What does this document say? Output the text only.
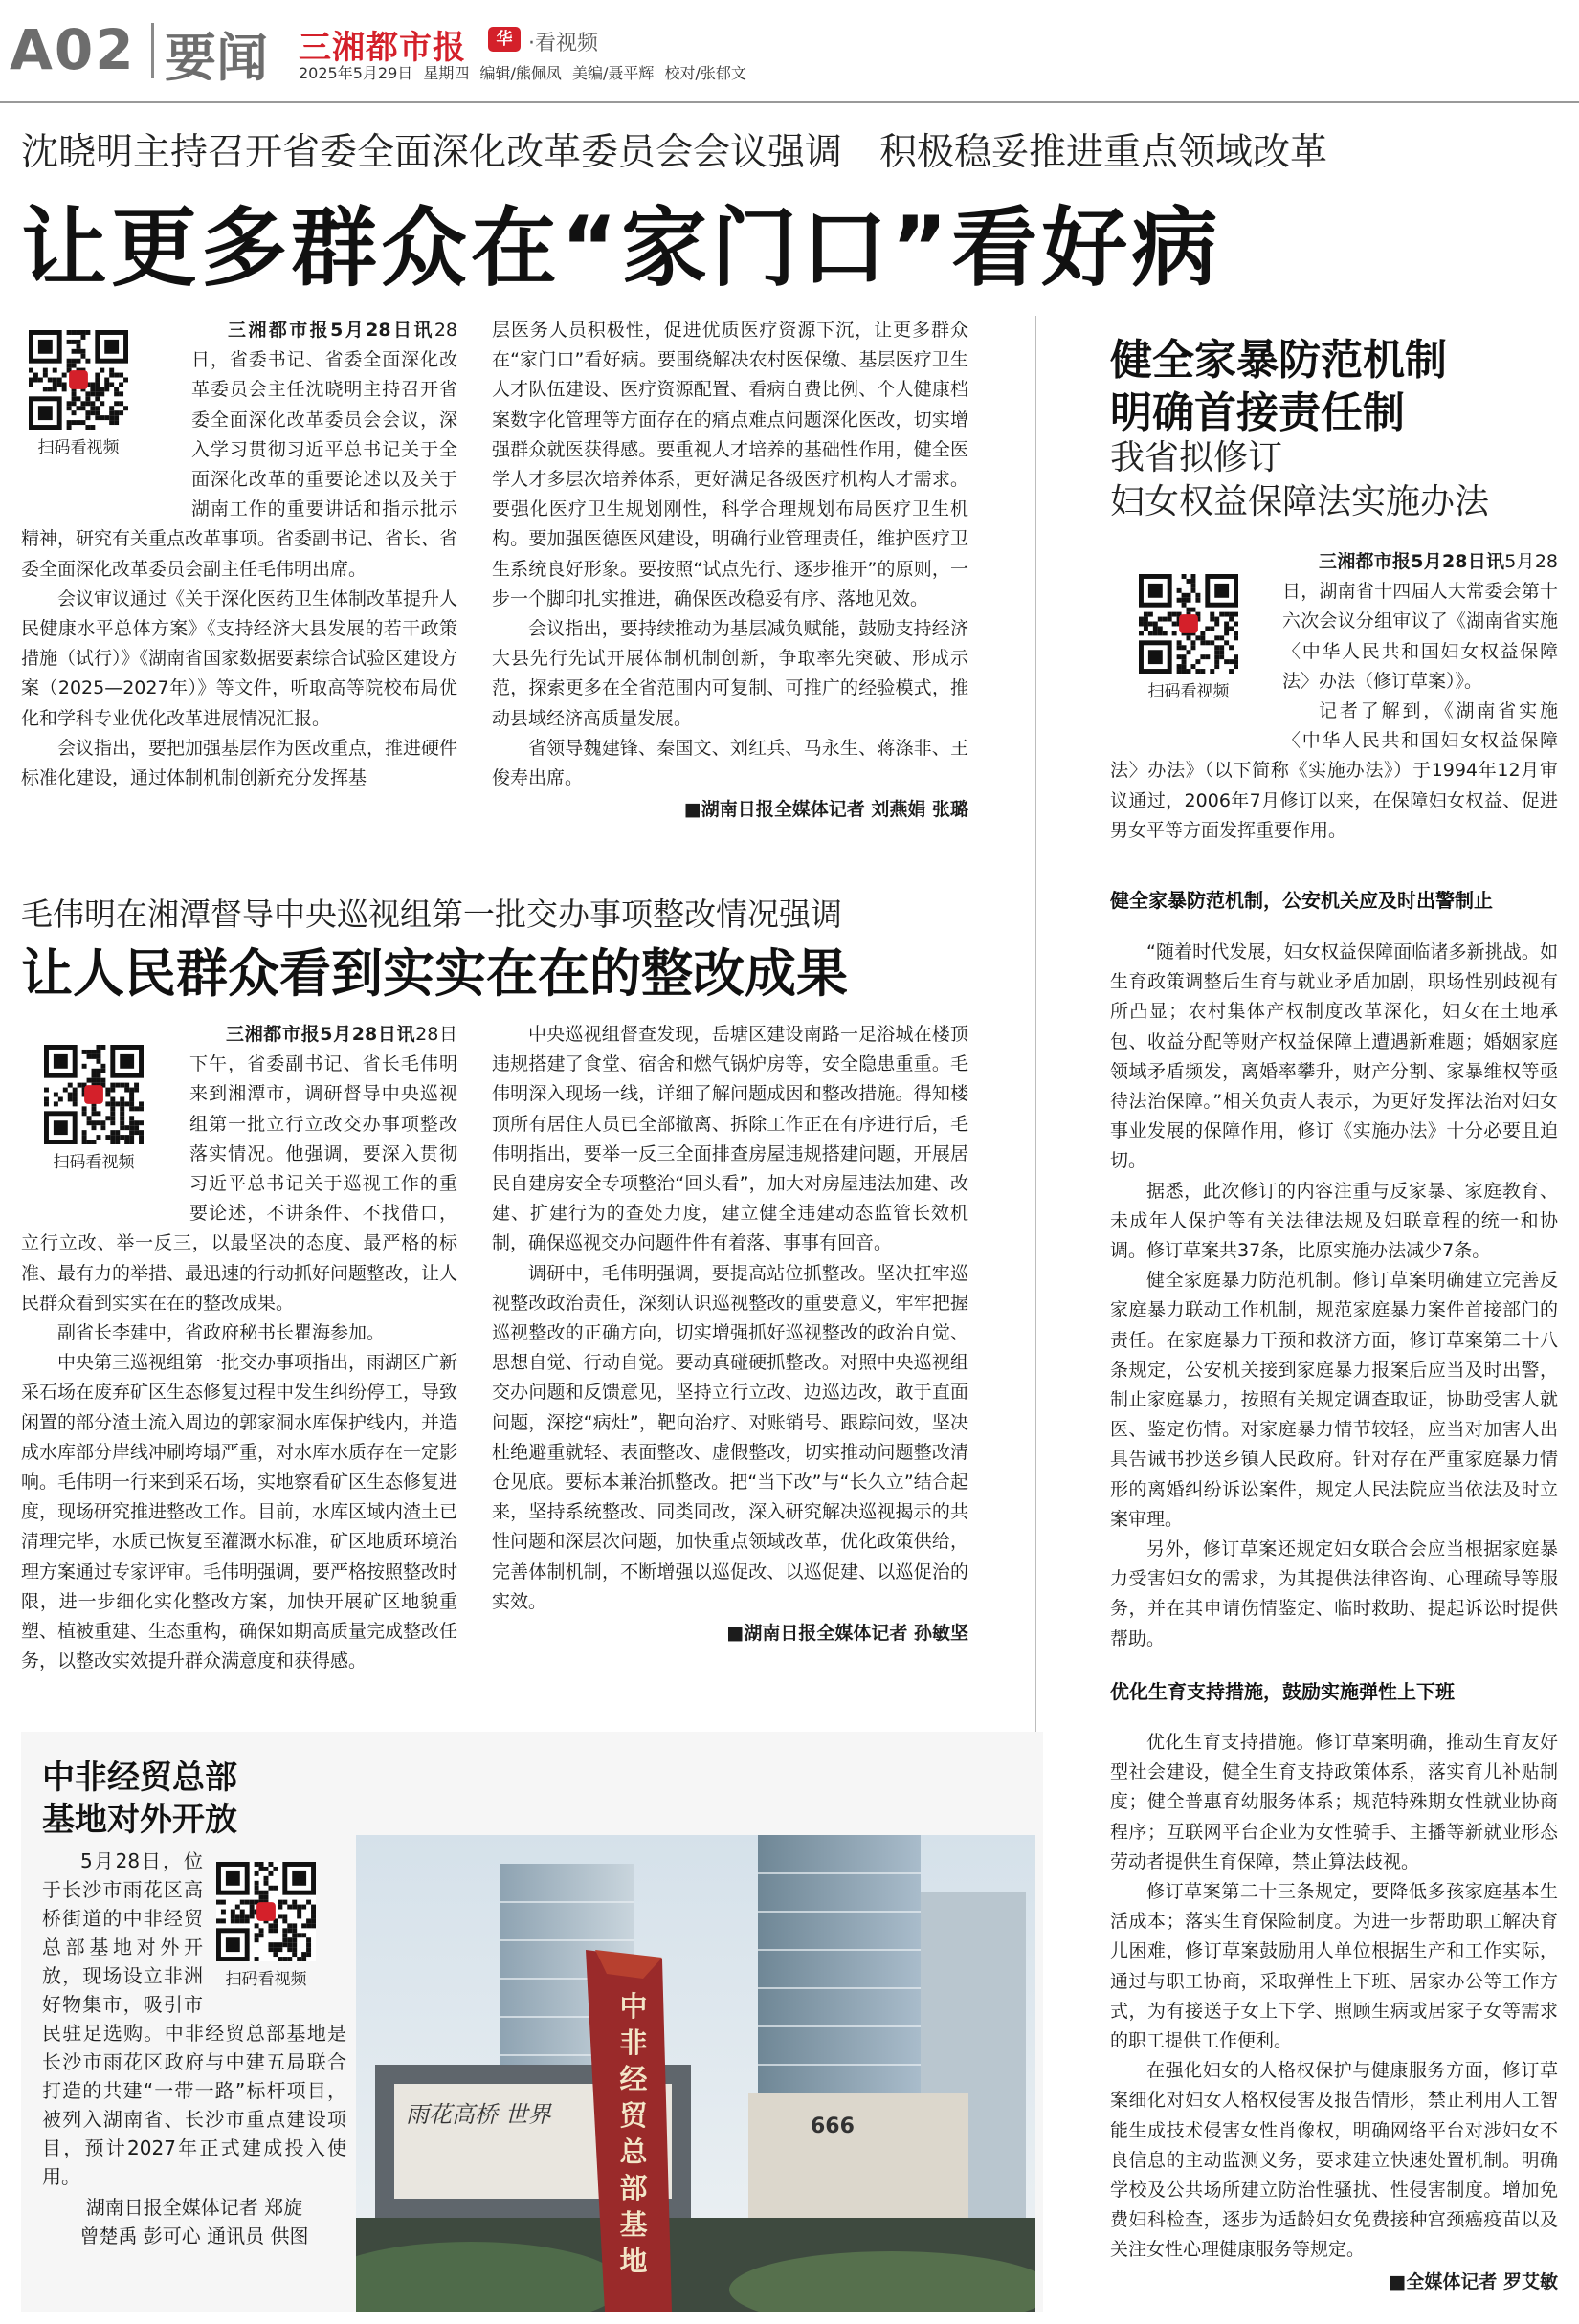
A02 要闻 三湘都市报	华 ·看视频
2025年5月29日 星期四 编辑/熊佩凤 美编/聂平辉 校对/张郁文
沈晓明主持召开省委全面深化改革委员会会议强调　积极稳妥推进重点领域改革
让更多群众在“家门口”看好病
扫码看视频

三湘都市报5月28日讯28日，省委书记、省委全面深化改革委员会主任沈晓明主持召开省委全面深化改革委员会会议，深入学习贯彻习近平总书记关于全面深化改革的重要论述以及关于湖南工作的重要讲话和指示批示精神，研究有关重点改革事项。省委副书记、省长、省委全面深化改革委员会副主任毛伟明出席。

会议审议通过《关于深化医药卫生体制改革提升人民健康水平总体方案》《支持经济大县发展的若干政策措施（试行）》《湖南省国家数据要素综合试验区建设方案（2025—2027年）》等文件，听取高等院校布局优化和学科专业优化改革进展情况汇报。

会议指出，要把加强基层作为医改重点，推进硬件标准化建设，通过体制机制创新充分发挥基

层医务人员积极性，促进优质医疗资源下沉，让更多群众在“家门口”看好病。要围绕解决农村医保缴、基层医疗卫生人才队伍建设、医疗资源配置、看病自费比例、个人健康档案数字化管理等方面存在的痛点难点问题深化医改，切实增强群众就医获得感。要重视人才培养的基础性作用，健全医学人才多层次培养体系，更好满足各级医疗机构人才需求。要强化医疗卫生规划刚性，科学合理规划布局医疗卫生机构。要加强医德医风建设，明确行业管理责任，维护医疗卫生系统良好形象。要按照“试点先行、逐步推开”的原则，一步一个脚印扎实推进，确保医改稳妥有序、落地见效。

会议指出，要持续推动为基层减负赋能，鼓励支持经济大县先行先试开展体制机制创新，争取率先突破、形成示范，探索更多在全省范围内可复制、可推广的经验模式，推动县域经济高质量发展。

省领导魏建锋、秦国文、刘红兵、马永生、蒋涤非、王俊寿出席。

■湖南日报全媒体记者 刘燕娟 张璐
毛伟明在湘潭督导中央巡视组第一批交办事项整改情况强调
让人民群众看到实实在在的整改成果
扫码看视频

三湘都市报5月28日讯28日下午，省委副书记、省长毛伟明来到湘潭市，调研督导中央巡视组第一批立行立改交办事项整改落实情况。他强调，要深入贯彻习近平总书记关于巡视工作的重要论述，不讲条件、不找借口，立行立改、举一反三，以最坚决的态度、最严格的标准、最有力的举措、最迅速的行动抓好问题整改，让人民群众看到实实在在的整改成果。

副省长李建中，省政府秘书长瞿海参加。

中央第三巡视组第一批交办事项指出，雨湖区广新采石场在废弃矿区生态修复过程中发生纠纷停工，导致闲置的部分渣土流入周边的郭家洞水库保护线内，并造成水库部分岸线冲刷垮塌严重，对水库水质存在一定影响。毛伟明一行来到采石场，实地察看矿区生态修复进度，现场研究推进整改工作。目前，水库区域内渣土已清理完毕，水质已恢复至灌溉水标准，矿区地质环境治理方案通过专家评审。毛伟明强调，要严格按照整改时限，进一步细化实化整改方案，加快开展矿区地貌重塑、植被重建、生态重构，确保如期高质量完成整改任务，以整改实效提升群众满意度和获得感。

中央巡视组督查发现，岳塘区建设南路一足浴城在楼顶违规搭建了食堂、宿舍和燃气锅炉房等，安全隐患重重。毛伟明深入现场一线，详细了解问题成因和整改措施。得知楼顶所有居住人员已全部撤离、拆除工作正在有序进行后，毛伟明指出，要举一反三全面排查房屋违规搭建问题，开展居民自建房安全专项整治“回头看”，加大对房屋违法加建、改建、扩建行为的查处力度，建立健全违建动态监管长效机制，确保巡视交办问题件件有着落、事事有回音。

调研中，毛伟明强调，要提高站位抓整改。坚决扛牢巡视整改政治责任，深刻认识巡视整改的重要意义，牢牢把握巡视整改的正确方向，切实增强抓好巡视整改的政治自觉、思想自觉、行动自觉。要动真碰硬抓整改。对照中央巡视组交办问题和反馈意见，坚持立行立改、边巡边改，敢于直面问题，深挖“病灶”，靶向治疗、对账销号、跟踪问效，坚决杜绝避重就轻、表面整改、虚假整改，切实推动问题整改清仓见底。要标本兼治抓整改。把“当下改”与“长久立”结合起来，坚持系统整改、同类同改，深入研究解决巡视揭示的共性问题和深层次问题，加快重点领域改革，优化政策供给，完善体制机制，不断增强以巡促改、以巡促建、以巡促治的实效。

■湖南日报全媒体记者 孙敏坚
健全家暴防范机制
明确首接责任制
我省拟修订
妇女权益保障法实施办法
扫码看视频

三湘都市报5月28日讯5月28日，湖南省十四届人大常委会第十六次会议分组审议了《湖南省实施〈中华人民共和国妇女权益保障法〉办法（修订草案）》。

记者了解到，《湖南省实施〈中华人民共和国妇女权益保障法〉办法》（以下简称《实施办法》）于1994年12月审议通过，2006年7月修订以来，在保障妇女权益、促进男女平等方面发挥重要作用。

健全家暴防范机制，公安机关应及时出警制止

“随着时代发展，妇女权益保障面临诸多新挑战。如生育政策调整后生育与就业矛盾加剧，职场性别歧视有所凸显；农村集体产权制度改革深化，妇女在土地承包、收益分配等财产权益保障上遭遇新难题；婚姻家庭领域矛盾频发，离婚率攀升，财产分割、家暴维权等亟待法治保障。”相关负责人表示，为更好发挥法治对妇女事业发展的保障作用，修订《实施办法》十分必要且迫切。

据悉，此次修订的内容注重与反家暴、家庭教育、未成年人保护等有关法律法规及妇联章程的统一和协调。修订草案共37条，比原实施办法减少7条。

健全家庭暴力防范机制。修订草案明确建立完善反家庭暴力联动工作机制，规范家庭暴力案件首接部门的责任。在家庭暴力干预和救济方面，修订草案第二十八条规定，公安机关接到家庭暴力报案后应当及时出警，制止家庭暴力，按照有关规定调查取证，协助受害人就医、鉴定伤情。对家庭暴力情节较轻，应当对加害人出具告诫书抄送乡镇人民政府。针对存在严重家庭暴力情形的离婚纠纷诉讼案件，规定人民法院应当依法及时立案审理。

另外，修订草案还规定妇女联合会应当根据家庭暴力受害妇女的需求，为其提供法律咨询、心理疏导等服务，并在其申请伤情鉴定、临时救助、提起诉讼时提供帮助。

优化生育支持措施，鼓励实施弹性上下班

优化生育支持措施。修订草案明确，推动生育友好型社会建设，健全生育支持政策体系，落实育儿补贴制度；健全普惠育幼服务体系；规范特殊期女性就业协商程序；互联网平台企业为女性骑手、主播等新就业形态劳动者提供生育保障，禁止算法歧视。

修订草案第二十三条规定，要降低多孩家庭基本生活成本；落实生育保险制度。为进一步帮助职工解决育儿困难，修订草案鼓励用人单位根据生产和工作实际，通过与职工协商，采取弹性上下班、居家办公等工作方式，为有接送子女上下学、照顾生病或居家子女等需求的职工提供工作便利。

在强化妇女的人格权保护与健康服务方面，修订草案细化对妇女人格权侵害及报告情形，禁止利用人工智能生成技术侵害女性肖像权，明确网络平台对涉妇女不良信息的主动监测义务，要求建立快速处置机制。明确学校及公共场所建立防治性骚扰、性侵害制度。增加免费妇科检查，逐步为适龄妇女免费接种宫颈癌疫苗以及关注女性心理健康服务等规定。

■全媒体记者 罗艾敏
中非经贸总部
基地对外开放
扫码看视频

5月28日，位于长沙市雨花区高桥街道的中非经贸总部基地对外开放，现场设立非洲好物集市，吸引市民驻足选购。中非经贸总部基地是长沙市雨花区政府与中建五局联合打造的共建“一带一路”标杆项目，被列入湖南省、长沙市重点建设项目，预计2027年正式建成投入使用。

湖南日报全媒体记者 郑旋
曾楚禹 彭可心 通讯员 供图
雨花高桥 世界	666
中非经贸总部基地
